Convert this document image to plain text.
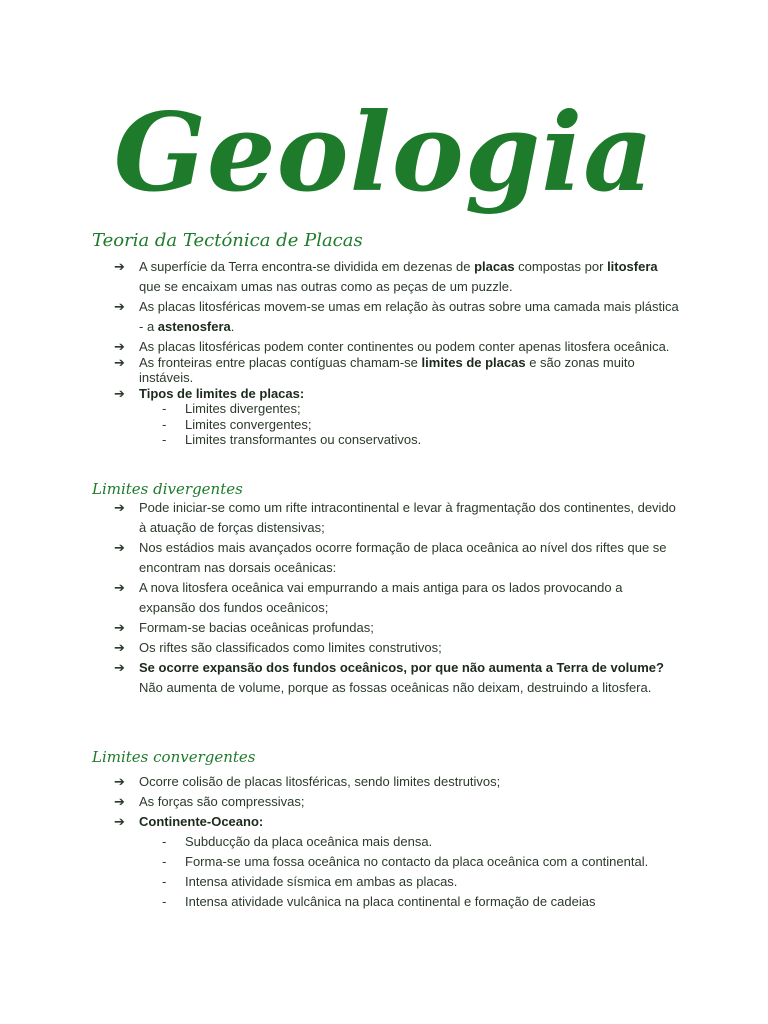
Geologia
Teoria da Tectónica de Placas
➔ A superfície da Terra encontra-se dividida em dezenas de placas compostas por litosfera que se encaixam umas nas outras como as peças de um puzzle.
➔ As placas litosféricas movem-se umas em relação às outras sobre uma camada mais plástica - a astenosfera.
➔ As placas litosféricas podem conter continentes ou podem conter apenas litosfera oceânica.
➔ As fronteiras entre placas contíguas chamam-se limites de placas e são zonas muito instáveis.
➔ Tipos de limites de placas:
- Limites divergentes;
- Limites convergentes;
- Limites transformantes ou conservativos.
Limites divergentes
➔ Pode iniciar-se como um rifte intracontinental e levar à fragmentação dos continentes, devido à atuação de forças distensivas;
➔ Nos estádios mais avançados ocorre formação de placa oceânica ao nível dos riftes que se encontram nas dorsais oceânicas:
➔ A nova litosfera oceânica vai empurrando a mais antiga para os lados provocando a expansão dos fundos oceânicos;
➔ Formam-se bacias oceânicas profundas;
➔ Os riftes são classificados como limites construtivos;
➔ Se ocorre expansão dos fundos oceânicos, por que não aumenta a Terra de volume? Não aumenta de volume, porque as fossas oceânicas não deixam, destruindo a litosfera.
Limites convergentes
➔ Ocorre colisão de placas litosféricas, sendo limites destrutivos;
➔ As forças são compressivas;
➔ Continente-Oceano:
- Subducção da placa oceânica mais densa.
- Forma-se uma fossa oceânica no contacto da placa oceânica com a continental.
- Intensa atividade sísmica em ambas as placas.
- Intensa atividade vulcânica na placa continental e formação de cadeias
